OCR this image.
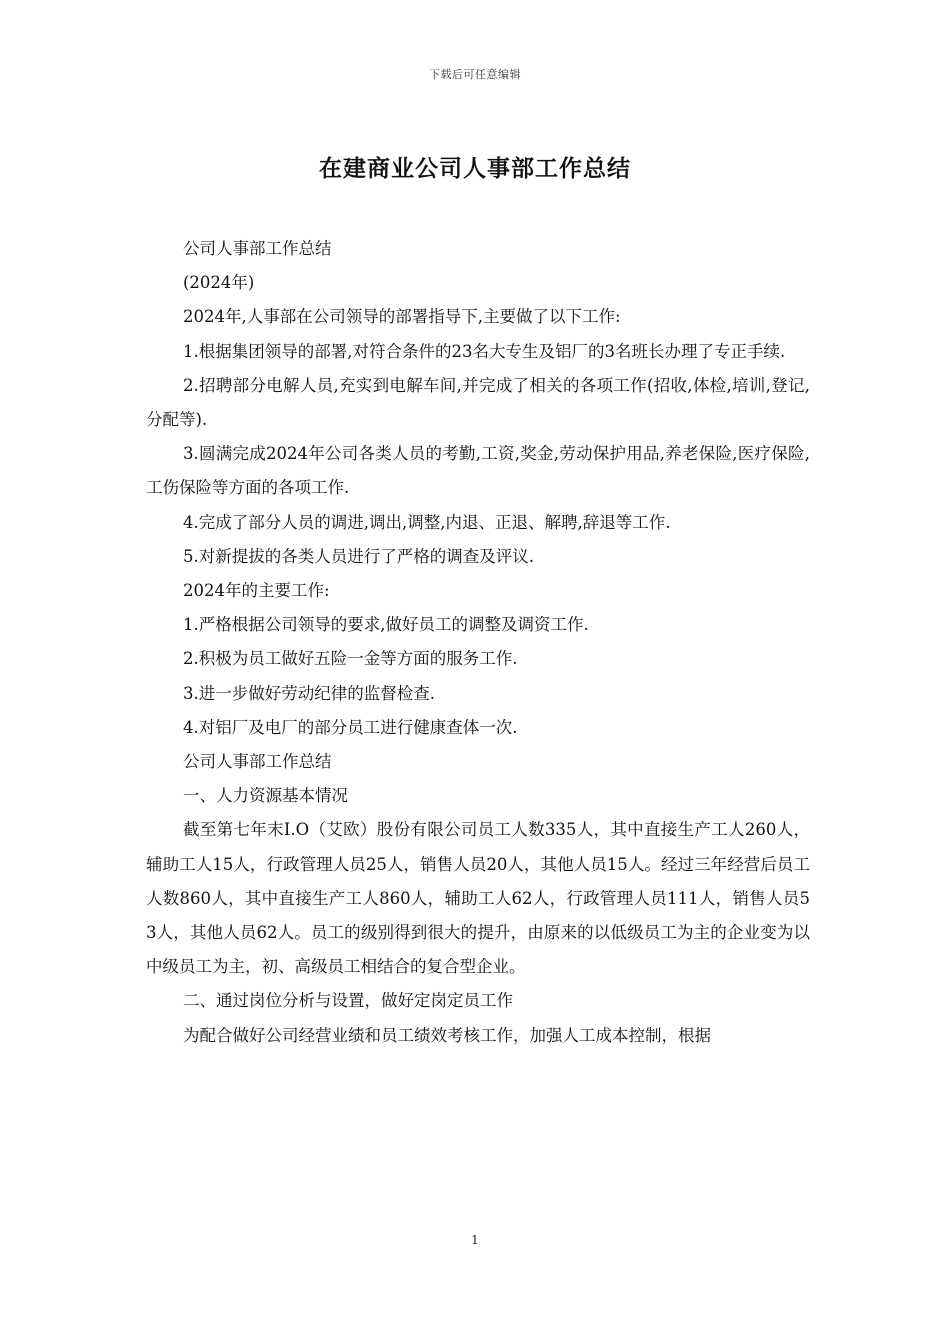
下载后可任意编辑
在建商业公司人事部工作总结

公司人事部工作总结

(2024年)

2024年,人事部在公司领导的部署指导下,主要做了以下工作:

1.根据集团领导的部署,对符合条件的23名大专生及铝厂的3名班长办理了专正手续.

2.招聘部分电解人员,充实到电解车间,并完成了相关的各项工作(招收,体检,培训,登记,分配等).

3.圆满完成2024年公司各类人员的考勤,工资,奖金,劳动保护用品,养老保险,医疗保险,工伤保险等方面的各项工作.

4.完成了部分人员的调进,调出,调整,内退、正退、解聘,辞退等工作.

5.对新提拔的各类人员进行了严格的调查及评议.

2024年的主要工作:

1.严格根据公司领导的要求,做好员工的调整及调资工作.

2.积极为员工做好五险一金等方面的服务工作.

3.进一步做好劳动纪律的监督检查.

4.对铝厂及电厂的部分员工进行健康查体一次.

公司人事部工作总结

一、人力资源基本情况

截至第七年末I.O（艾欧）股份有限公司员工人数335人，其中直接生产工人260人，辅助工人15人，行政管理人员25人，销售人员20人，其他人员15人。经过三年经营后员工人数860人，其中直接生产工人860人，辅助工人62人，行政管理人员111人，销售人员53人，其他人员62人。员工的级别得到很大的提升，由原来的以低级员工为主的企业变为以中级员工为主，初、高级员工相结合的复合型企业。

二、通过岗位分析与设置，做好定岗定员工作

为配合做好公司经营业绩和员工绩效考核工作，加强人工成本控制，根据

1
